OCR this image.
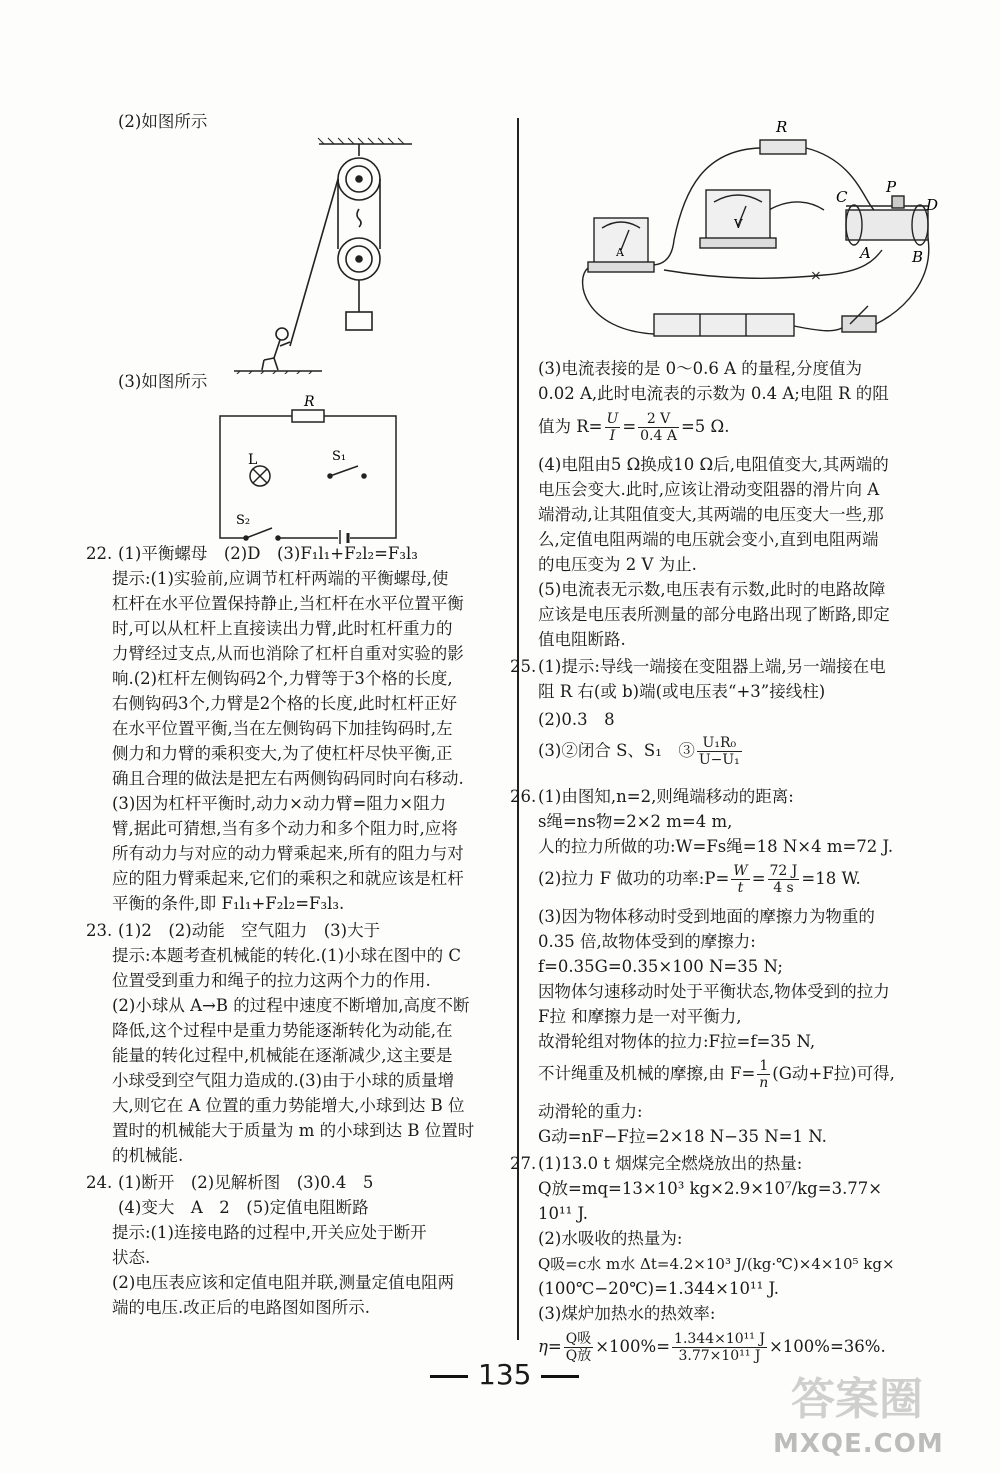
(2)如图所示
(3)如图所示
R
L	S₁
S₂
22. (1)平衡螺母　(2)D　(3)F₁l₁+F₂l₂=F₃l₃
提示:(1)实验前,应调节杠杆两端的平衡螺母,使
杠杆在水平位置保持静止,当杠杆在水平位置平衡
时,可以从杠杆上直接读出力臂,此时杠杆重力的
力臂经过支点,从而也消除了杠杆自重对实验的影
响.(2)杠杆左侧钩码2个,力臂等于3个格的长度,
右侧钩码3个,力臂是2个格的长度,此时杠杆正好
在水平位置平衡,当在左侧钩码下加挂钩码时,左
侧力和力臂的乘积变大,为了使杠杆尽快平衡,正
确且合理的做法是把左右两侧钩码同时向右移动.
(3)因为杠杆平衡时,动力×动力臂=阻力×阻力
臂,据此可猜想,当有多个动力和多个阻力时,应将
所有动力与对应的动力臂乘起来,所有的阻力与对
应的阻力臂乘起来,它们的乘积之和就应该是杠杆
平衡的条件,即 F₁l₁+F₂l₂=F₃l₃.
23. (1)2　(2)动能　空气阻力　(3)大于
提示:本题考查机械能的转化.(1)小球在图中的 C
位置受到重力和绳子的拉力这两个力的作用.
(2)小球从 A→B 的过程中速度不断增加,高度不断
降低,这个过程中是重力势能逐渐转化为动能,在
能量的转化过程中,机械能在逐渐减少,这主要是
小球受到空气阻力造成的.(3)由于小球的质量增
大,则它在 A 位置的重力势能增大,小球到达 B 位
置时的机械能大于质量为 m 的小球到达 B 位置时
的机械能.
24. (1)断开　(2)见解析图　(3)0.4　5
(4)变大　A　2　(5)定值电阻断路
提示:(1)连接电路的过程中,开关应处于断开
状态.
(2)电压表应该和定值电阻并联,测量定值电阻两
端的电压.改正后的电路图如图所示.
×
R
C
P
D
A	B
V
A
(3)电流表接的是 0～0.6 A 的量程,分度值为
0.02 A,此时电流表的示数为 0.4 A;电阻 R 的阻
值为 $R= \frac{U}{I} = \frac{2 V}{0.4 A} =5$ Ω.
(4)电阻由5 Ω换成10 Ω后,电阻值变大,其两端的
电压会变大.此时,应该让滑动变阻器的滑片向 A
端滑动,让其阻值变大,其两端的电压变大一些,那
么,定值电阻两端的电压就会变小,直到电阻两端
的电压变为 2 V 为止.
(5)电流表无示数,电压表有示数,此时的电路故障
应该是电压表所测量的部分电路出现了断路,即定
值电阻断路.
25. (1)提示:导线一端接在变阻器上端,另一端接在电
阻 R 右(或 b)端(或电压表“+3”接线柱)
(2)0.3　8
(3)②闭合 S、S₁　③ $\frac{\text{U₁R₀}}{\text{U−U₁}}$
26. (1)由图知,n=2,则绳端移动的距离:
s绳=ns物=2×2 m=4 m,
人的拉力所做的功:W=Fs绳=18 N×4 m=72 J.
(2)拉力 F 做功的功率:P= $\frac{W}{t} = \frac{72 J}{4 s} =18$ W.
(3)因为物体移动时受到地面的摩擦力为物重的
0.35 倍,故物体受到的摩擦力:
f=0.35G=0.35×100 N=35 N;
因物体匀速移动时处于平衡状态,物体受到的拉力
F拉 和摩擦力是一对平衡力,
故滑轮组对物体的拉力:F拉=f=35 N,
不计绳重及机械的摩擦,由 $F= \frac{1}{n} (G$动+F拉)可得,
动滑轮的重力:
G动=nF−F拉=2×18 N−35 N=1 N.
27. (1)13.0 t 烟煤完全燃烧放出的热量:
Q放=mq=13×10³ kg×2.9×10⁷/kg=3.77×
10¹¹ J.
(2)水吸收的热量为:
Q吸=c水 m水 Δt=4.2×10³ J/(kg·℃)×4×10⁵ kg×
(100℃−20℃)=1.344×10¹¹ J.
(3)煤炉加热水的热效率:
$\eta= \frac{\text{Q吸}}{\text{Q放}} \times 100\%= \frac{\text{1.344×10¹¹ J}}{\text{3.77×10¹¹ J}} \times 100\%=36\%$.
135	答案圈
MXQE.COM
